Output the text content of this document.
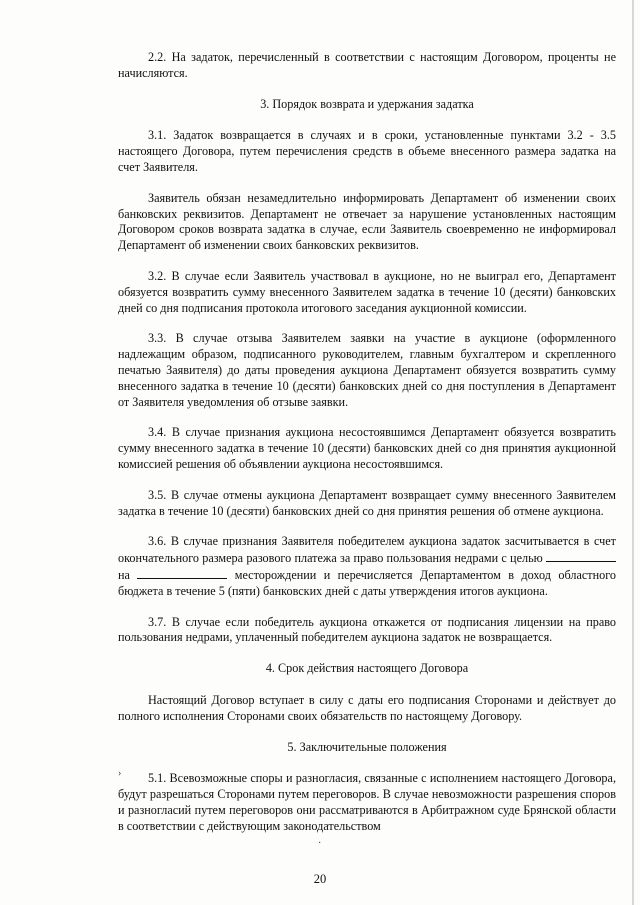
2.2. На задаток, перечисленный в соответствии с настоящим Договором, проценты не начисляются.

3. Порядок возврата и удержания задатка

3.1. Задаток возвращается в случаях и в сроки, установленные пунктами 3.2 - 3.5 настоящего Договора, путем перечисления средств в объеме внесенного размера задатка на счет Заявителя.

Заявитель обязан незамедлительно информировать Департамент об изменении своих банковских реквизитов. Департамент не отвечает за нарушение установленных настоящим Договором сроков возврата задатка в случае, если Заявитель своевременно не информировал Департамент об изменении своих банковских реквизитов.

3.2. В случае если Заявитель участвовал в аукционе, но не выиграл его, Департамент обязуется возвратить сумму внесенного Заявителем задатка в течение 10 (десяти) банковских дней со дня подписания протокола итогового заседания аукционной комиссии.

3.3. В случае отзыва Заявителем заявки на участие в аукционе (оформленного надлежащим образом, подписанного руководителем, главным бухгалтером и скрепленного печатью Заявителя) до даты проведения аукциона Департамент обязуется возвратить сумму внесенного задатка в течение 10 (десяти) банковских дней со дня поступления в Департамент от Заявителя уведомления об отзыве заявки.

3.4. В случае признания аукциона несостоявшимся Департамент обязуется возвратить сумму внесенного задатка в течение 10 (десяти) банковских дней со дня принятия аукционной комиссией решения об объявлении аукциона несостоявшимся.

3.5. В случае отмены аукциона Департамент возвращает сумму внесенного Заявителем задатка в течение 10 (десяти) банковских дней со дня принятия решения об отмене аукциона.

3.6. В случае признания Заявителя победителем аукциона задаток засчитывается в счет окончательного размера разового платежа за право пользования недрами с целью  на	месторождении и перечисляется Департаментом в доход областного бюджета в течение 5 (пяти) банковских дней с даты утверждения итогов аукциона.

3.7. В случае если победитель аукциона откажется от подписания лицензии на право пользования недрами, уплаченный победителем аукциона задаток не возвращается.

4. Срок действия настоящего Договора

Настоящий Договор вступает в силу с даты его подписания Сторонами и действует до полного исполнения Сторонами своих обязательств по настоящему Договору.

5. Заключительные положения

5.1. Всевозможные споры и разногласия, связанные с исполнением настоящего Договора, будут разрешаться Сторонами путем переговоров. В случае невозможности разрешения споров и разногласий путем переговоров они рассматриваются в Арбитражном суде Брянской области в соответствии с действующим законодательством

›
·
20
